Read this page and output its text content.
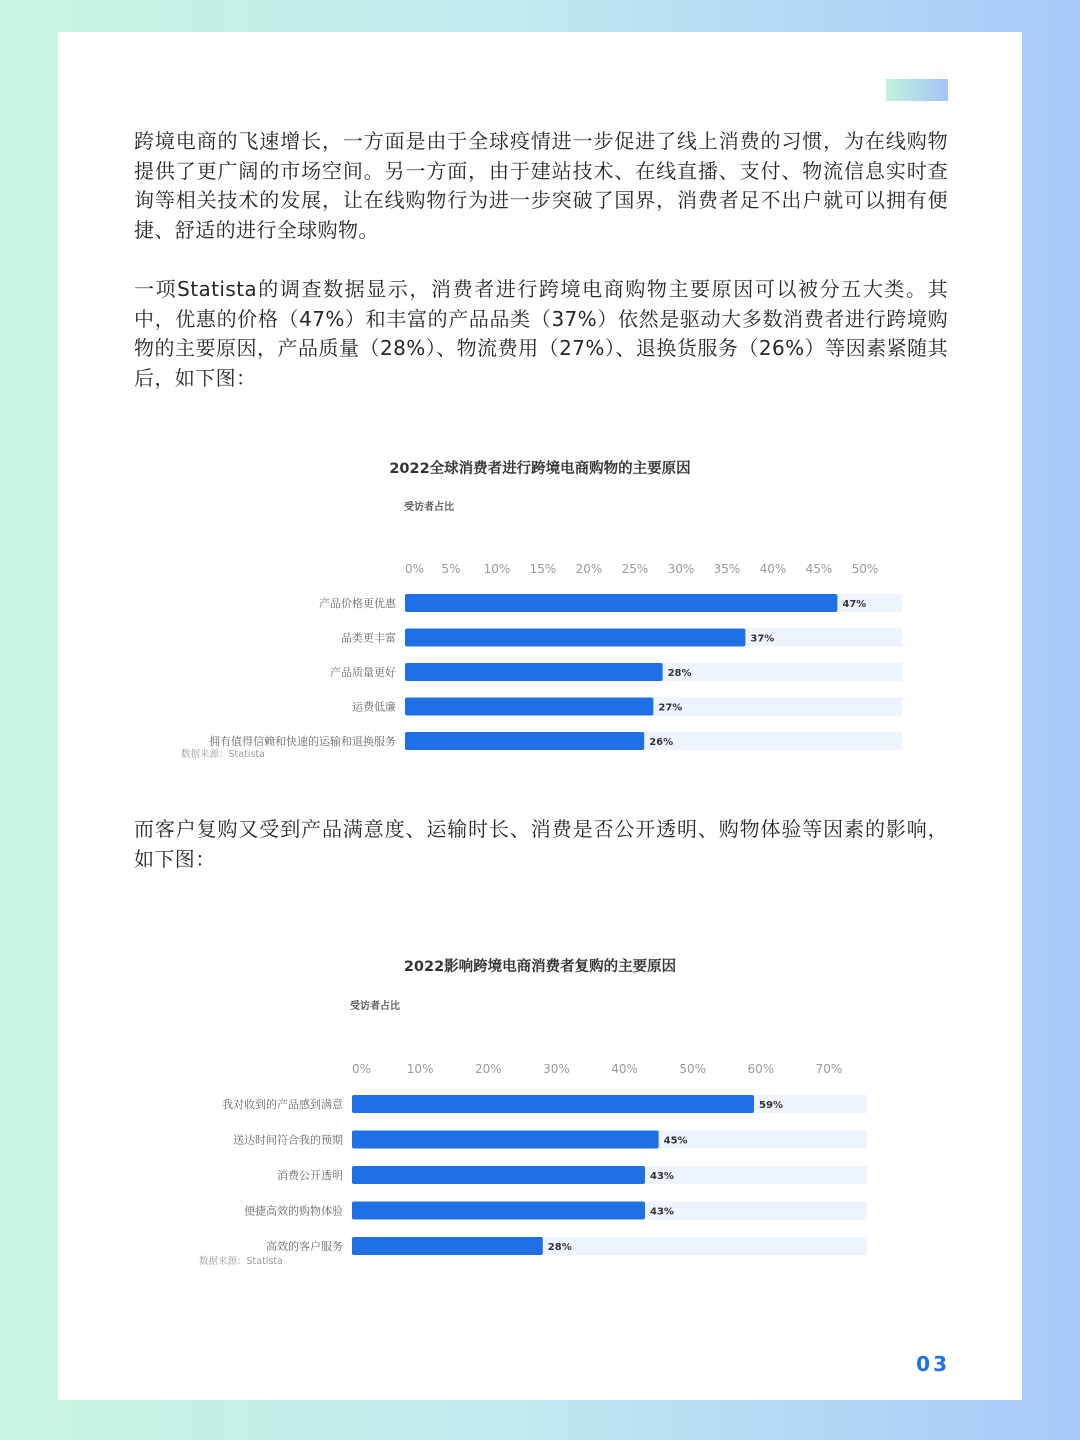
跨境电商的飞速增长，一方面是由于全球疫情进一步促进了线上消费的习惯，为在线购物提供了更广阔的市场空间。另一方面，由于建站技术、在线直播、支付、物流信息实时查询等相关技术的发展，让在线购物行为进一步突破了国界，消费者足不出户就可以拥有便捷、舒适的进行全球购物。

一项Statista的调查数据显示，消费者进行跨境电商购物主要原因可以被分五大类。其中，优惠的价格（47%）和丰富的产品品类（37%）依然是驱动大多数消费者进行跨境购物的主要原因，产品质量（28%）、物流费用（27%）、退换货服务（26%）等因素紧随其后，如下图：

2022全球消费者进行跨境电商购物的主要原因
受访者占比
数据来源：Statista
0% 5% 10% 15% 20% 25% 30% 35% 40% 45% 50%
产品价格更优惠	47%
品类更丰富	37%
产品质量更好	28%
运费低廉	27%
拥有值得信赖和快速的运输和退换服务	26%

而客户复购又受到产品满意度、运输时长、消费是否公开透明、购物体验等因素的影响，如下图：

2022影响跨境电商消费者复购的主要原因
受访者占比
数据来源：Statista
0%	10%	20%	30%	40%	50%	60%	70%
我对收到的产品感到满意	59%
送达时间符合我的预期	45%
消费公开透明	43%
便捷高效的购物体验	43%
高效的客户服务	28%
03
